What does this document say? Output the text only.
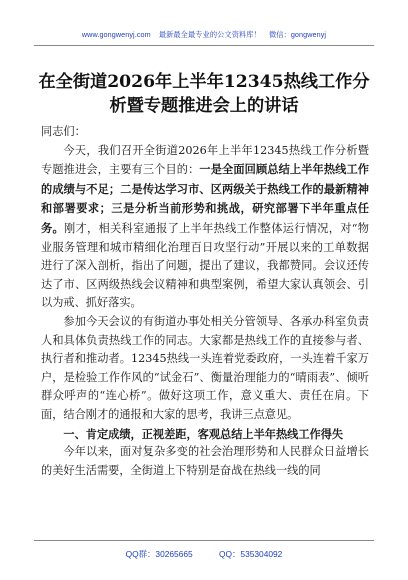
www.gongwenyj.com 最新最全最专业的公文资料库！ 微信：gongwenyj
在全街道2026年上半年12345热线工作分
析暨专题推进会上的讲话

同志们：

今天，我们召开全街道2026年上半年12345热线工作分析暨专题推进会，主要有三个目的：一是全面回顾总结上半年热线工作的成绩与不足；二是传达学习市、区两级关于热线工作的最新精神和部署要求；三是分析当前形势和挑战，研究部署下半年重点任务。刚才，相关科室通报了上半年热线工作整体运行情况，对“物业服务管理和城市精细化治理百日攻坚行动”开展以来的工单数据进行了深入剖析，指出了问题，提出了建议，我都赞同。会议还传达了市、区两级热线会议精神和典型案例，希望大家认真领会、引以为戒、抓好落实。

参加今天会议的有街道办事处相关分管领导、各承办科室负责人和具体负责热线工作的同志。大家都是热线工作的直接参与者、执行者和推动者。12345热线一头连着党委政府，一头连着千家万户，是检验工作作风的“试金石”、衡量治理能力的“晴雨表”、倾听群众呼声的“连心桥”。做好这项工作，意义重大、责任在肩。下面，结合刚才的通报和大家的思考，我讲三点意见。

一、肯定成绩，正视差距，客观总结上半年热线工作得失

今年以来，面对复杂多变的社会治理形势和人民群众日益增长的美好生活需要，全街道上下特别是奋战在热线一线的同

QQ群：30265665	QQ：535304092
